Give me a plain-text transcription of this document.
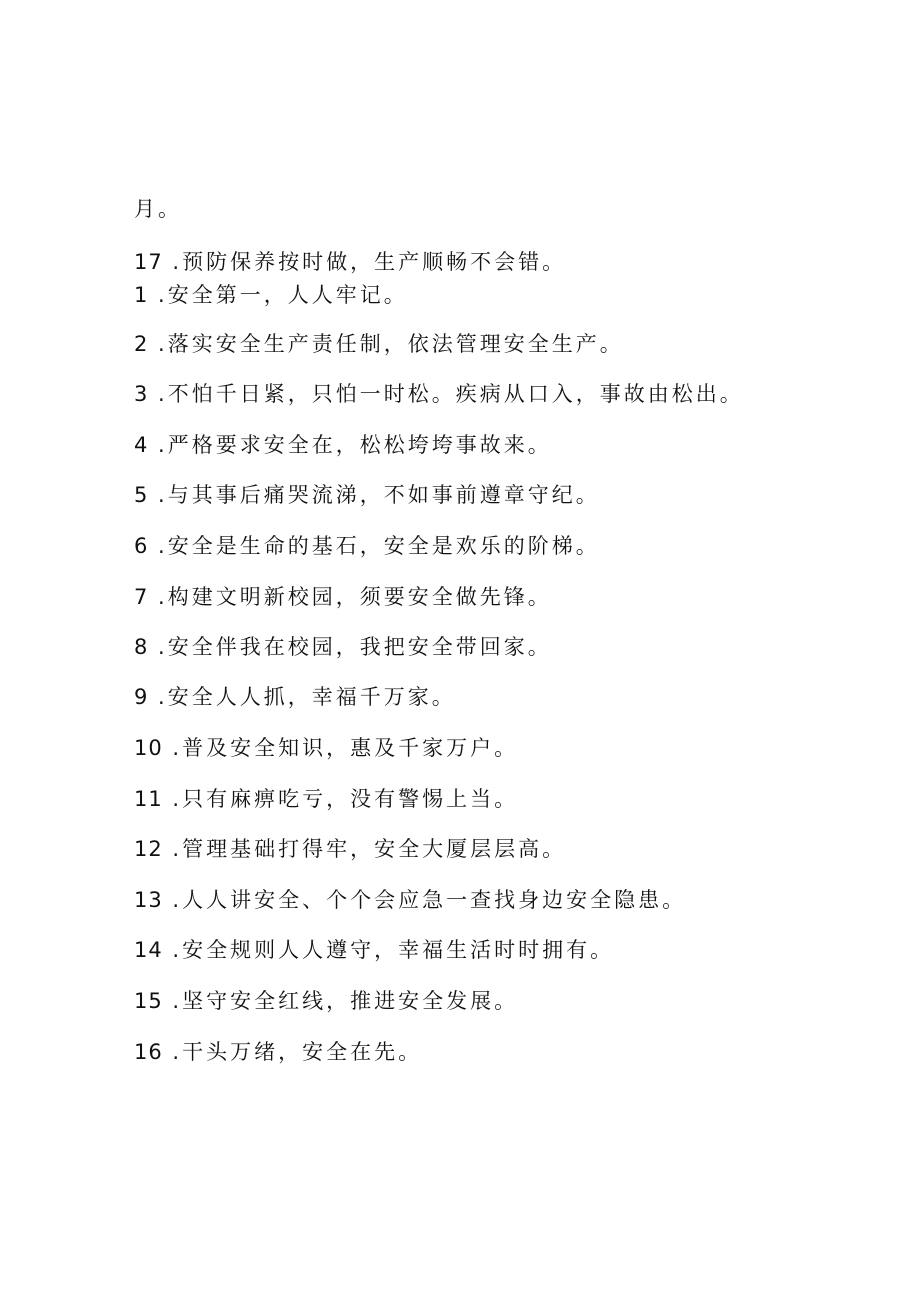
月。
17 .预防保养按时做，生产顺畅不会错。
1 .安全第一，人人牢记。
2 .落实安全生产责任制，依法管理安全生产。
3 .不怕千日紧，只怕一时松。疾病从口入，事故由松出。
4 .严格要求安全在，松松垮垮事故来。
5 .与其事后痛哭流涕，不如事前遵章守纪。
6 .安全是生命的基石，安全是欢乐的阶梯。
7 .构建文明新校园，须要安全做先锋。
8 .安全伴我在校园，我把安全带回家。
9 .安全人人抓，幸福千万家。
10 .普及安全知识，惠及千家万户。
11 .只有麻痹吃亏，没有警惕上当。
12 .管理基础打得牢，安全大厦层层高。
13 .人人讲安全、个个会应急一查找身边安全隐患。
14 .安全规则人人遵守，幸福生活时时拥有。
15 .坚守安全红线，推进安全发展。
16 .干头万绪，安全在先。
